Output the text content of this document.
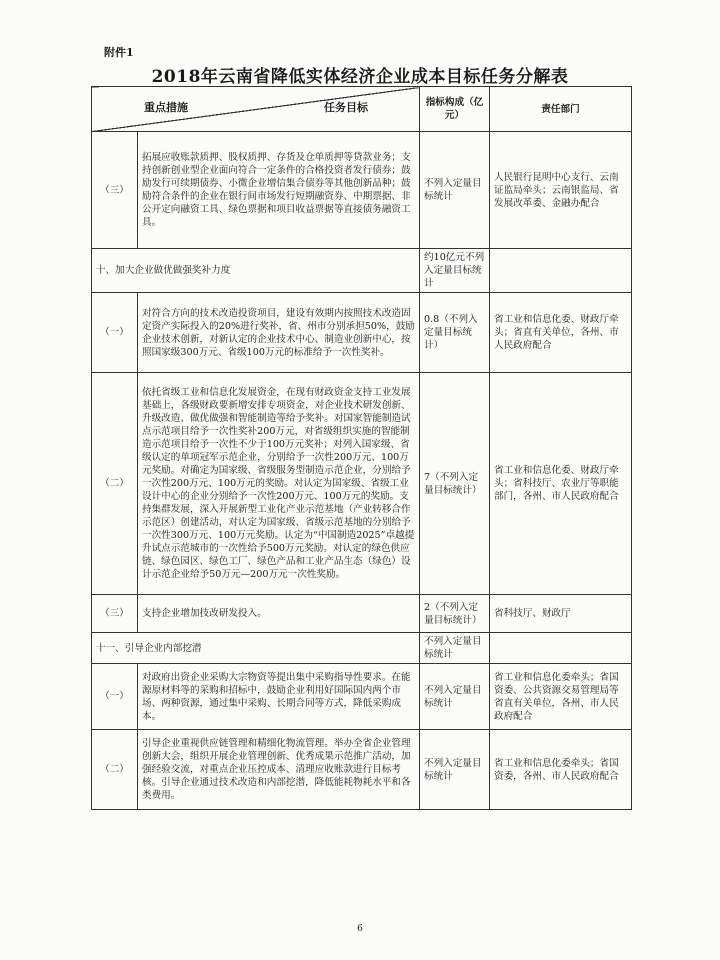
附件1
2018年云南省降低实体经济企业成本目标任务分解表
重点措施 任务目标		指标构成（亿元）	责任部门
（三）	拓展应收账款质押、股权质押、存货及仓单质押等贷款业务；支持创新创业型企业面向符合一定条件的合格投资者发行债券；鼓励发行可续期债券、小微企业增信集合债券等其他创新品种；鼓励符合条件的企业在银行间市场发行短期融资券、中期票据、非公开定向融资工具、绿色票据和项目收益票据等直接债务融资工具。	不列入定量目标统计	人民银行昆明中心支行、云南证监局牵头；云南银监局、省发展改革委、金融办配合
十、加大企业做优做强奖补力度		约10亿元不列入定量目标统计	
（一）	对符合方向的技术改造投资项目，建设有效期内按照技术改造固定资产实际投入的20%进行奖补，省、州市分别承担50%，鼓励企业技术创新，对新认定的企业技术中心、制造业创新中心，按照国家级300万元、省级100万元的标准给予一次性奖补。	0.8（不列入定量目标统计）	省工业和信息化委、财政厅牵头；省直有关单位，各州、市人民政府配合
（二）	依托省级工业和信息化发展资金，在现有财政资金支持工业发展基础上，各级财政要新增安排专项资金，对企业技术研发创新、升级改造、做优做强和智能制造等给予奖补。对国家智能制造试点示范项目给予一次性奖补200万元，对省级组织实施的智能制造示范项目给予一次性不少于100万元奖补；对列入国家级、省级认定的单项冠军示范企业，分别给予一次性200万元、100万元奖励。对确定为国家级、省级服务型制造示范企业，分别给予一次性200万元、100万元的奖励。对认定为国家级、省级工业设计中心的企业分别给予一次性200万元、100万元的奖励。支持集群发展，深入开展新型工业化产业示范基地（产业转移合作示范区）创建活动，对认定为国家级、省级示范基地的分别给予一次性300万元、100万元奖励。认定为“中国制造2025”卓越提升试点示范城市的一次性给予500万元奖励。对认定的绿色供应链、绿色园区、绿色工厂、绿色产品和工业产品生态（绿色）设计示范企业给予50万元—200万元一次性奖励。	7（不列入定量目标统计）	省工业和信息化委、财政厅牵头；省科技厅、农业厅等职能部门，各州、市人民政府配合
（三）	支持企业增加技改研发投入。	2（不列入定量目标统计）	省科技厅、财政厅
十一、引导企业内部挖潜		不列入定量目标统计	
（一）	对政府出资企业采购大宗物资等提出集中采购指导性要求。在能源原材料等的采购和招标中，鼓励企业利用好国际国内两个市场、两种资源，通过集中采购、长期合同等方式，降低采购成本。	不列入定量目标统计	省工业和信息化委牵头；省国资委、公共资源交易管理局等省直有关单位，各州、市人民政府配合
（二）	引导企业重视供应链管理和精细化物流管理。举办全省企业管理创新大会，组织开展企业管理创新、优秀成果示范推广活动，加强经验交流，对重点企业压控成本、清理应收账款进行目标考核。引导企业通过技术改造和内部挖潜，降低能耗物耗水平和各类费用。	不列入定量目标统计	省工业和信息化委牵头；省国资委，各州、市人民政府配合
6
